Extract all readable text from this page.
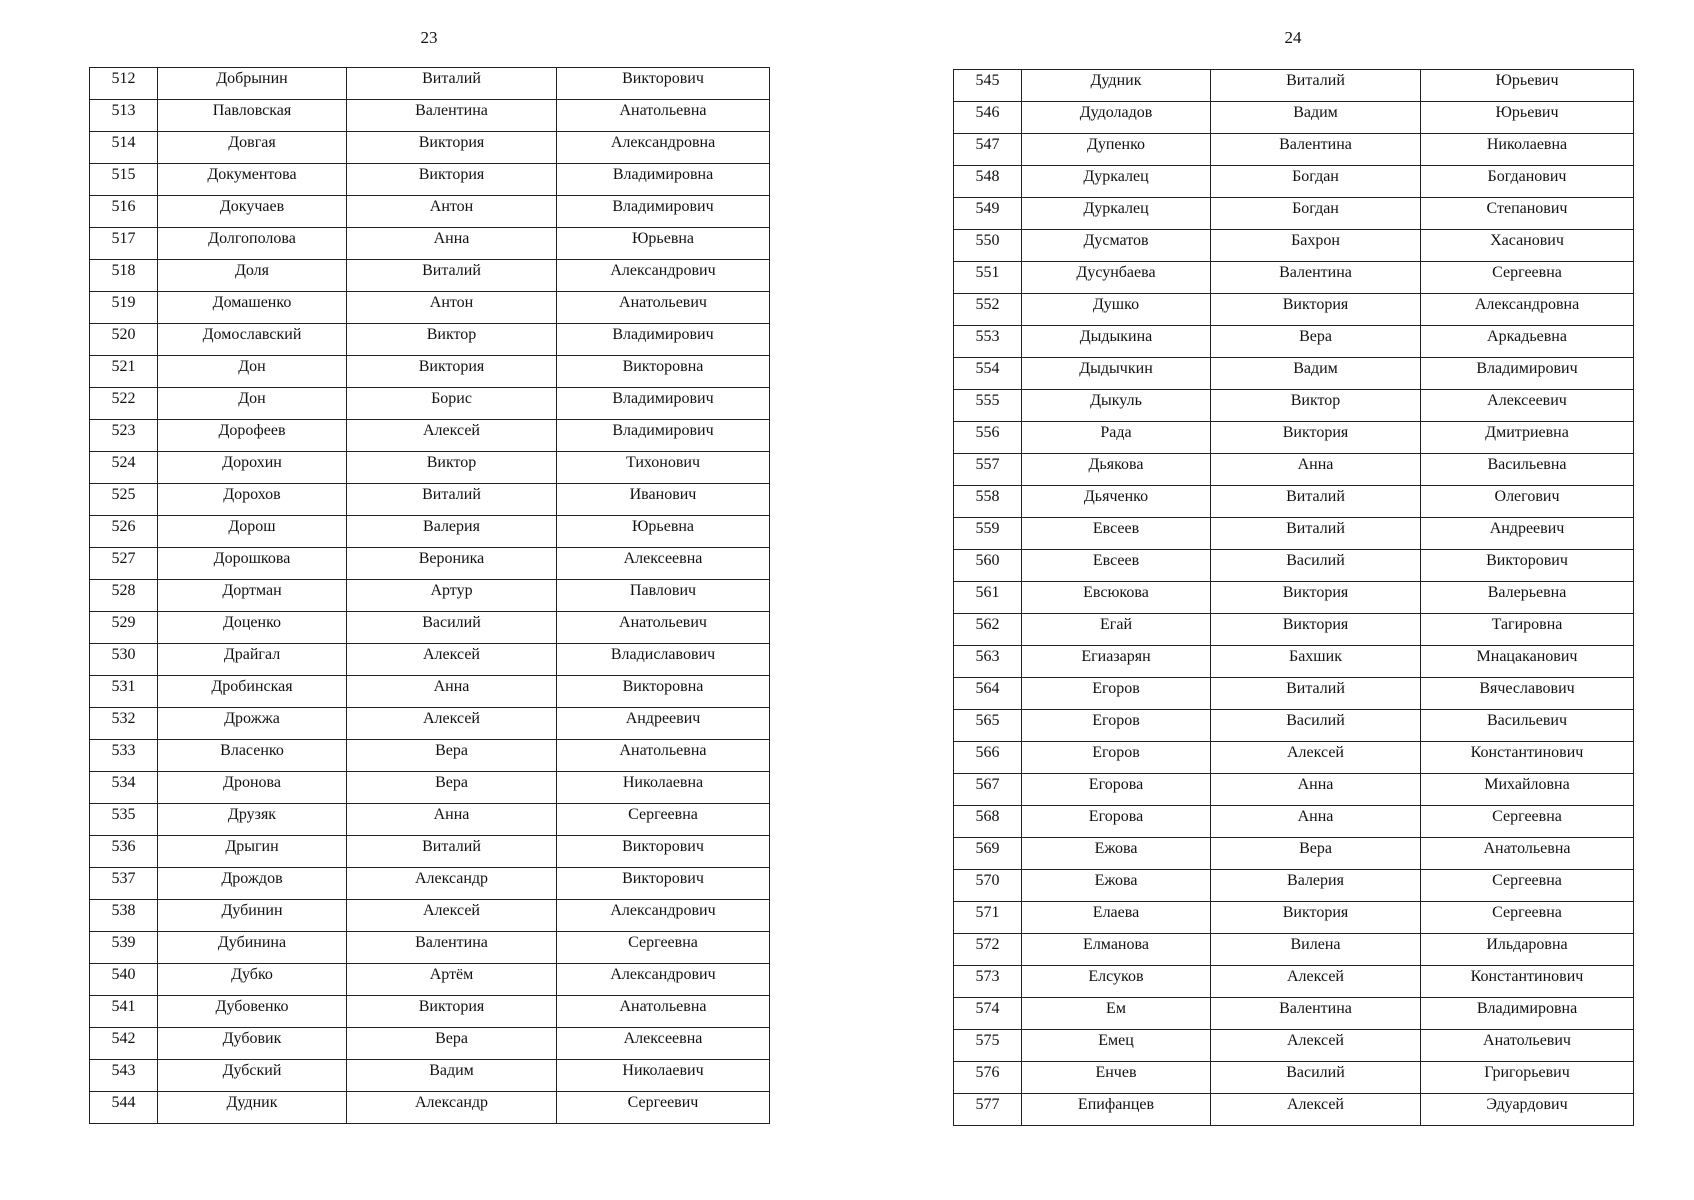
23
512	Добрынин	Виталий	Викторович
513	Павловская	Валентина	Анатольевна
514	Довгая	Виктория	Александровна
515	Документова	Виктория	Владимировна
516	Докучаев	Антон	Владимирович
517	Долгополова	Анна	Юрьевна
518	Доля	Виталий	Александрович
519	Домашенко	Антон	Анатольевич
520	Домославский	Виктор	Владимирович
521	Дон	Виктория	Викторовна
522	Дон	Борис	Владимирович
523	Дорофеев	Алексей	Владимирович
524	Дорохин	Виктор	Тихонович
525	Дорохов	Виталий	Иванович
526	Дорош	Валерия	Юрьевна
527	Дорошкова	Вероника	Алексеевна
528	Дортман	Артур	Павлович
529	Доценко	Василий	Анатольевич
530	Драйгал	Алексей	Владиславович
531	Дробинская	Анна	Викторовна
532	Дрожжа	Алексей	Андреевич
533	Власенко	Вера	Анатольевна
534	Дронова	Вера	Николаевна
535	Друзяк	Анна	Сергеевна
536	Дрыгин	Виталий	Викторович
537	Дрождов	Александр	Викторович
538	Дубинин	Алексей	Александрович
539	Дубинина	Валентина	Сергеевна
540	Дубко	Артём	Александрович
541	Дубовенко	Виктория	Анатольевна
542	Дубовик	Вера	Алексеевна
543	Дубский	Вадим	Николаевич
544	Дудник	Александр	Сергеевич
24
545	Дудник	Виталий	Юрьевич
546	Дудоладов	Вадим	Юрьевич
547	Дупенко	Валентина	Николаевна
548	Дуркалец	Богдан	Богданович
549	Дуркалец	Богдан	Степанович
550	Дусматов	Бахрон	Хасанович
551	Дусунбаева	Валентина	Сергеевна
552	Душко	Виктория	Александровна
553	Дыдыкина	Вера	Аркадьевна
554	Дыдычкин	Вадим	Владимирович
555	Дыкуль	Виктор	Алексеевич
556	Рада	Виктория	Дмитриевна
557	Дьякова	Анна	Васильевна
558	Дьяченко	Виталий	Олегович
559	Евсеев	Виталий	Андреевич
560	Евсеев	Василий	Викторович
561	Евсюкова	Виктория	Валерьевна
562	Егай	Виктория	Тагировна
563	Егиазарян	Бахшик	Мнацаканович
564	Егоров	Виталий	Вячеславович
565	Егоров	Василий	Васильевич
566	Егоров	Алексей	Константинович
567	Егорова	Анна	Михайловна
568	Егорова	Анна	Сергеевна
569	Ежова	Вера	Анатольевна
570	Ежова	Валерия	Сергеевна
571	Елаева	Виктория	Сергеевна
572	Елманова	Вилена	Ильдаровна
573	Елсуков	Алексей	Константинович
574	Ем	Валентина	Владимировна
575	Емец	Алексей	Анатольевич
576	Енчев	Василий	Григорьевич
577	Епифанцев	Алексей	Эдуардович
